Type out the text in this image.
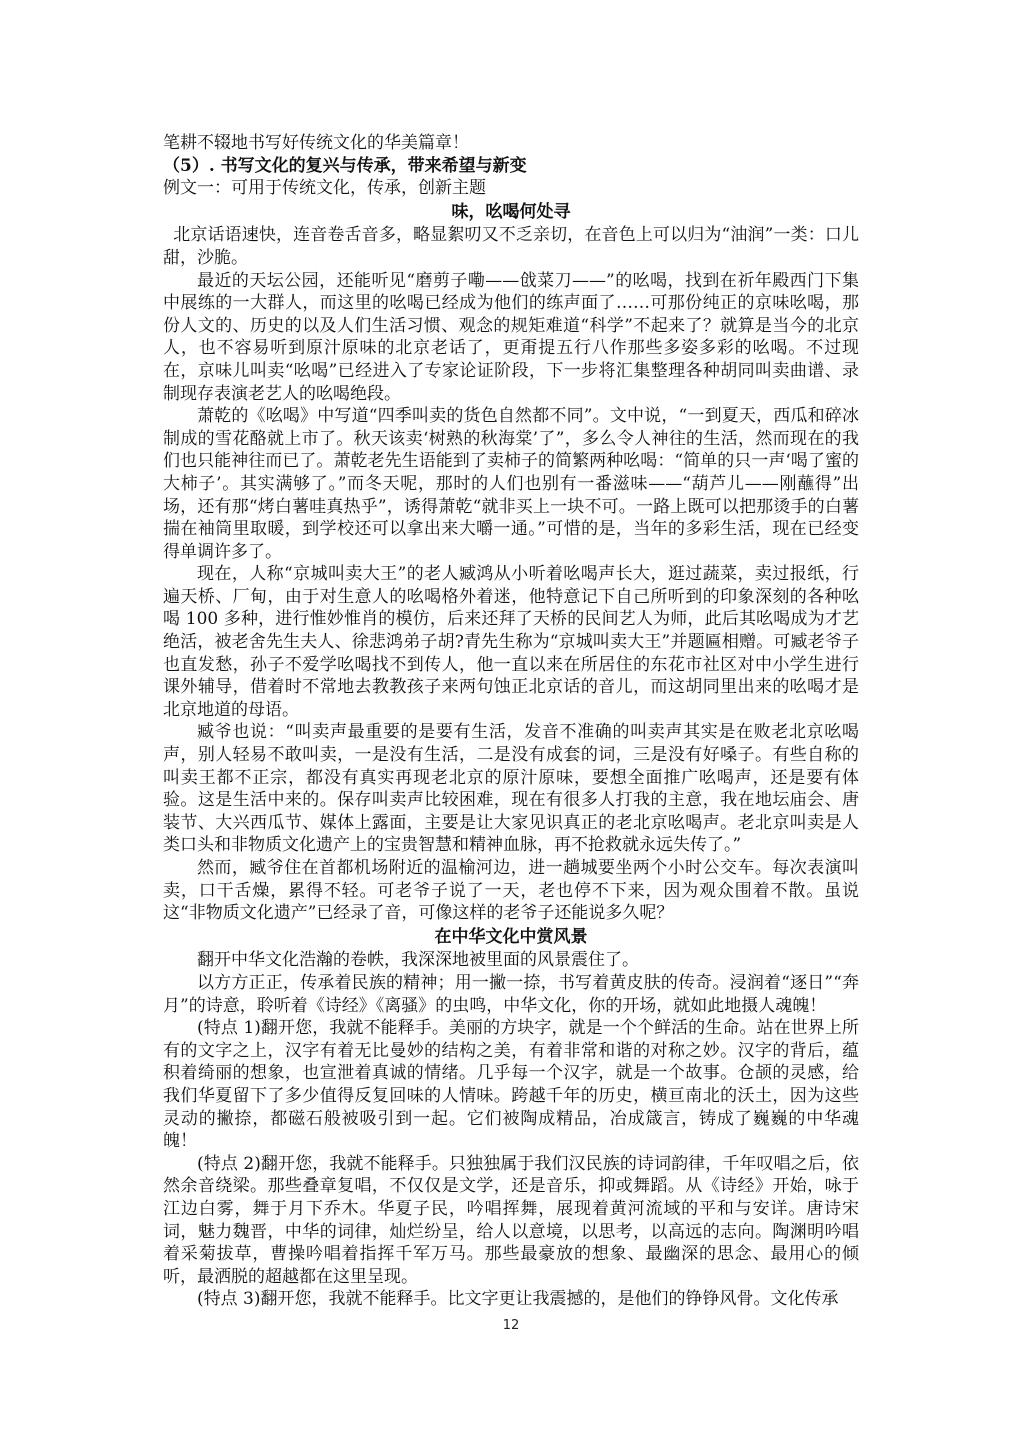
笔耕不辍地书写好传统文化的华美篇章！

（5）. 书写文化的复兴与传承，带来希望与新变

例文一：可用于传统文化，传承，创新主题

味，吆喝何处寻

北京话语速快，连音卷舌音多，略显絮叨又不乏亲切，在音色上可以归为“油润”一类：口儿甜，沙脆。

最近的天坛公园，还能听见“磨剪子嘞——戗菜刀——”的吆喝，找到在祈年殿西门下集中展练的一大群人，而这里的吆喝已经成为他们的练声面了……可那份纯正的京味吆喝，那份人文的、历史的以及人们生活习惯、观念的规矩难道“科学”不起来了？就算是当今的北京人，也不容易听到原汁原味的北京老话了，更甭提五行八作那些多姿多彩的吆喝。不过现在，京味儿叫卖“吆喝”已经进入了专家论证阶段，下一步将汇集整理各种胡同叫卖曲谱、录制现存表演老艺人的吆喝绝段。

萧乾的《吆喝》中写道“四季叫卖的货色自然都不同”。文中说，“一到夏天，西瓜和碎冰制成的雪花酪就上市了。秋天该卖‘树熟的秋海棠’了”，多么令人神往的生活，然而现在的我们也只能神往而已了。萧乾老先生语能到了卖柿子的简繁两种吆喝：“简单的只一声‘喝了蜜的大柿子’。其实满够了。”而冬天呢，那时的人们也别有一番滋味——“葫芦儿——刚蘸得”出场，还有那“烤白薯哇真热乎”，诱得萧乾“就非买上一块不可。一路上既可以把那烫手的白薯揣在袖筒里取暖，到学校还可以拿出来大嚼一通。”可惜的是，当年的多彩生活，现在已经变得单调许多了。

现在，人称“京城叫卖大王”的老人臧鸿从小听着吆喝声长大，逛过蔬菜，卖过报纸，行遍天桥、厂甸，由于对生意人的吆喝格外着迷，他特意记下自己所听到的印象深刻的各种吆喝 100 多种，进行惟妙惟肖的模仿，后来还拜了天桥的民间艺人为师，此后其吆喝成为才艺绝活，被老舍先生夫人、徐悲鸿弟子胡?青先生称为“京城叫卖大王”并题匾相赠。可臧老爷子也直发愁，孙子不爱学吆喝找不到传人，他一直以来在所居住的东花市社区对中小学生进行课外辅导，借着时不常地去教教孩子来两句蚀正北京话的音儿，而这胡同里出来的吆喝才是北京地道的母语。

臧爷也说：“叫卖声最重要的是要有生活，发音不准确的叫卖声其实是在败老北京吆喝声，别人轻易不敢叫卖，一是没有生活，二是没有成套的词，三是没有好嗓子。有些自称的叫卖王都不正宗，都没有真实再现老北京的原汁原味，要想全面推广吆喝声，还是要有体验。这是生活中来的。保存叫卖声比较困难，现在有很多人打我的主意，我在地坛庙会、唐装节、大兴西瓜节、媒体上露面，主要是让大家见识真正的老北京吆喝声。老北京叫卖是人类口头和非物质文化遗产上的宝贵智慧和精神血脉，再不抢救就永远失传了。”

然而，臧爷住在首都机场附近的温榆河边，进一趟城要坐两个小时公交车。每次表演叫卖，口干舌燥，累得不轻。可老爷子说了一天，老也停不下来，因为观众围着不散。虽说这“非物质文化遗产”已经录了音，可像这样的老爷子还能说多久呢？

在中华文化中赏风景

翻开中华文化浩瀚的卷帙，我深深地被里面的风景震住了。

以方方正正，传承着民族的精神；用一撇一捺，书写着黄皮肤的传奇。浸润着“逐日”“奔月”的诗意，聆听着《诗经》《离骚》的虫鸣，中华文化，你的开场，就如此地摄人魂魄！

(特点 1)翻开您，我就不能释手。美丽的方块字，就是一个个鲜活的生命。站在世界上所有的文字之上，汉字有着无比曼妙的结构之美，有着非常和谐的对称之妙。汉字的背后，蕴积着绮丽的想象，也宣泄着真诚的情绪。几乎每一个汉字，就是一个故事。仓颉的灵感，给我们华夏留下了多少值得反复回味的人情味。跨越千年的历史，横亘南北的沃土，因为这些灵动的撇捺，都磁石般被吸引到一起。它们被陶成精品，冶成箴言，铸成了巍巍的中华魂魄！

(特点 2)翻开您，我就不能释手。只独独属于我们汉民族的诗词韵律，千年叹唱之后，依然余音绕梁。那些叠章复唱，不仅仅是文学，还是音乐，抑或舞蹈。从《诗经》开始，咏于江边白雾，舞于月下乔木。华夏子民，吟唱挥舞，展现着黄河流域的平和与安详。唐诗宋词，魅力魏晋，中华的词律，灿烂纷呈，给人以意境，以思考，以高远的志向。陶渊明吟唱着采菊拔草，曹操吟唱着指挥千军万马。那些最豪放的想象、最幽深的思念、最用心的倾听，最洒脱的超越都在这里呈现。

(特点 3)翻开您，我就不能释手。比文字更让我震撼的，是他们的铮铮风骨。文化传承

12
